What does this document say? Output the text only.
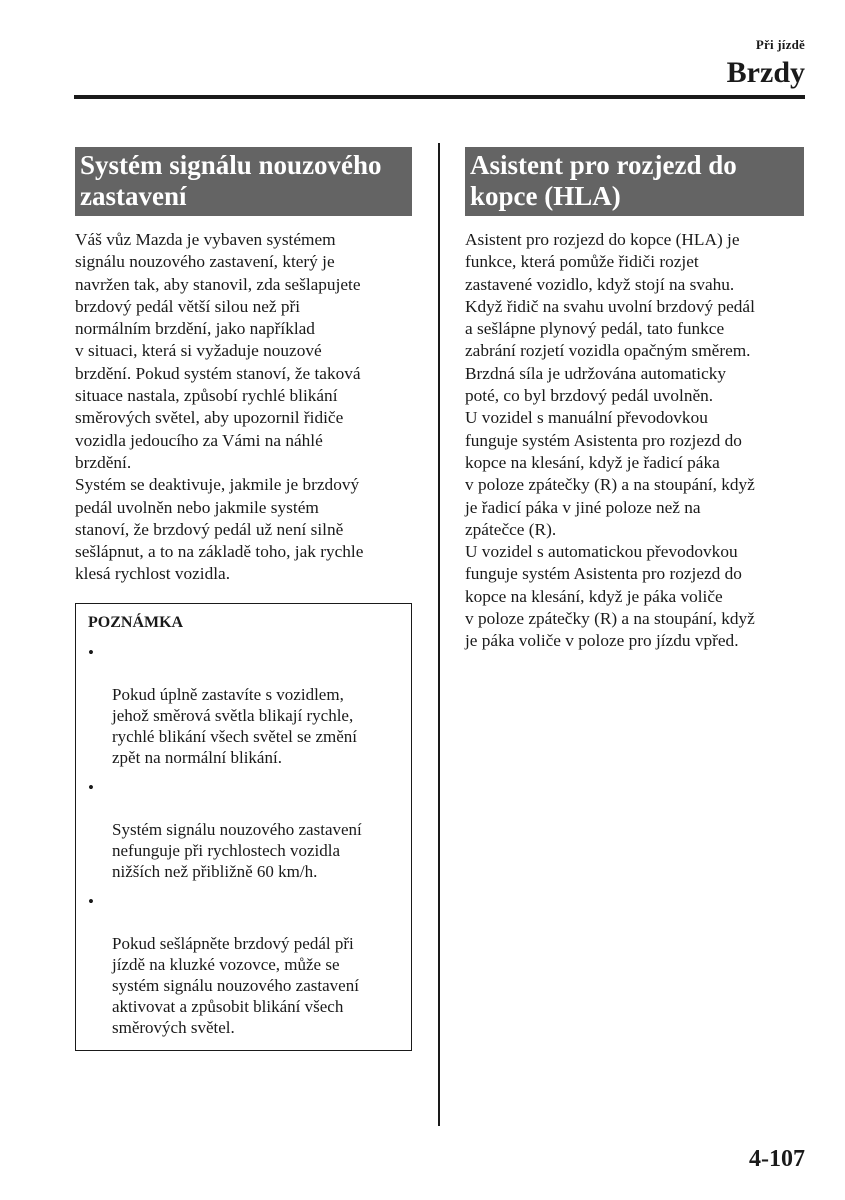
Při jízdě
Brzdy
Systém signálu nouzového
zastavení

Váš vůz Mazda je vybaven systémem
signálu nouzového zastavení, který je
navržen tak, aby stanovil, zda sešlapujete
brzdový pedál větší silou než při
normálním brzdění, jako například
v situaci, která si vyžaduje nouzové
brzdění. Pokud systém stanoví, že taková
situace nastala, způsobí rychlé blikání
směrových světel, aby upozornil řidiče
vozidla jedoucího za Vámi na náhlé
brzdění.

Systém se deaktivuje, jakmile je brzdový
pedál uvolněn nebo jakmile systém
stanoví, že brzdový pedál už není silně
sešlápnut, a to na základě toho, jak rychle
klesá rychlost vozidla.

POZNÁMKA

•

Pokud úplně zastavíte s vozidlem,
jehož směrová světla blikají rychle,
rychlé blikání všech světel se změní
zpět na normální blikání.

•

Systém signálu nouzového zastavení
nefunguje při rychlostech vozidla
nižších než přibližně 60 km/h.

•

Pokud sešlápněte brzdový pedál při
jízdě na kluzké vozovce, může se
systém signálu nouzového zastavení
aktivovat a způsobit blikání všech
směrových světel.

Asistent pro rozjezd do
kopce (HLA)

Asistent pro rozjezd do kopce (HLA) je
funkce, která pomůže řidiči rozjet
zastavené vozidlo, když stojí na svahu.
Když řidič na svahu uvolní brzdový pedál
a sešlápne plynový pedál, tato funkce
zabrání rozjetí vozidla opačným směrem.
Brzdná síla je udržována automaticky
poté, co byl brzdový pedál uvolněn.

U vozidel s manuální převodovkou
funguje systém Asistenta pro rozjezd do
kopce na klesání, když je řadicí páka
v poloze zpátečky (R) a na stoupání, když
je řadicí páka v jiné poloze než na
zpátečce (R).

U vozidel s automatickou převodovkou
funguje systém Asistenta pro rozjezd do
kopce na klesání, když je páka voliče
v poloze zpátečky (R) a na stoupání, když
je páka voliče v poloze pro jízdu vpřed.

4-107
